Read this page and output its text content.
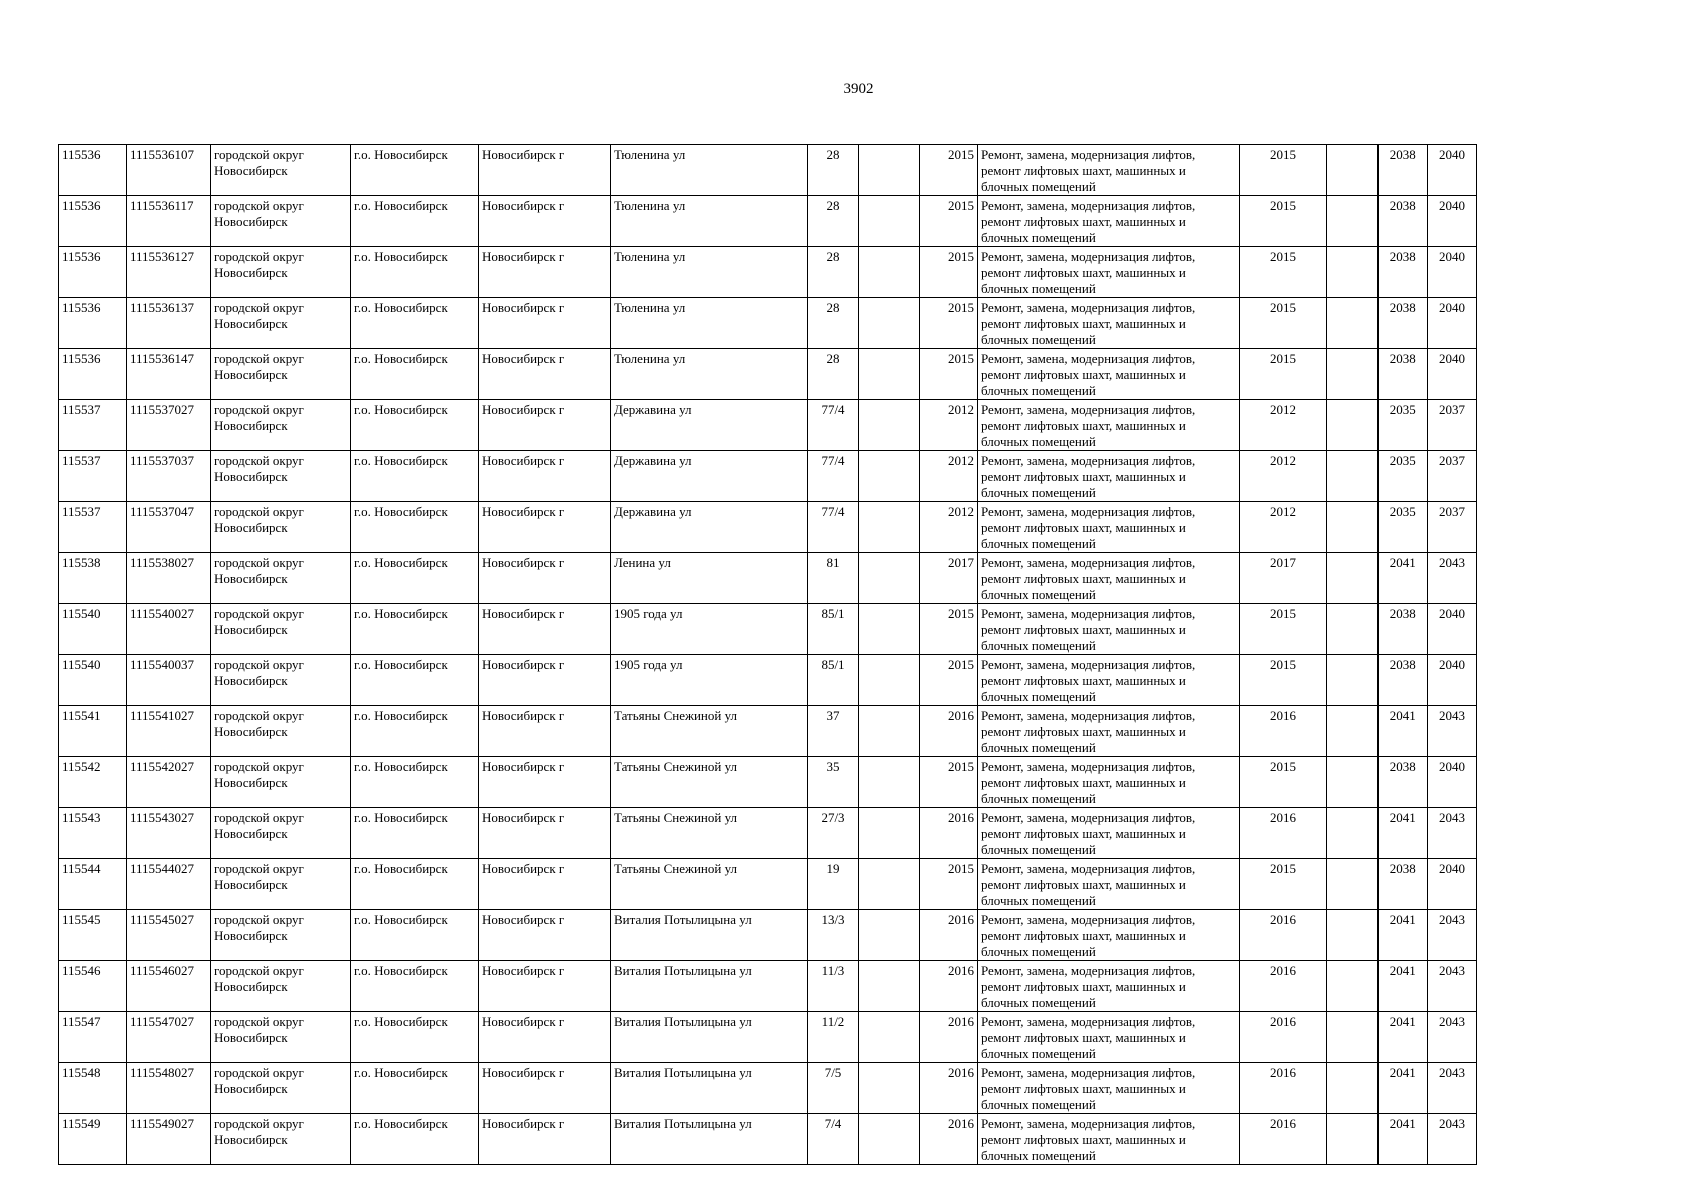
3902
115536	1115536107	городской округ Новосибирск	г.о. Новосибирск	Новосибирск г	Тюленина ул	28		2015	Ремонт, замена, модернизация лифтов, ремонт лифтовых шахт, машинных и блочных помещений	2015		2038	2040
115536	1115536117	городской округ Новосибирск	г.о. Новосибирск	Новосибирск г	Тюленина ул	28		2015	Ремонт, замена, модернизация лифтов, ремонт лифтовых шахт, машинных и блочных помещений	2015		2038	2040
115536	1115536127	городской округ Новосибирск	г.о. Новосибирск	Новосибирск г	Тюленина ул	28		2015	Ремонт, замена, модернизация лифтов, ремонт лифтовых шахт, машинных и блочных помещений	2015		2038	2040
115536	1115536137	городской округ Новосибирск	г.о. Новосибирск	Новосибирск г	Тюленина ул	28		2015	Ремонт, замена, модернизация лифтов, ремонт лифтовых шахт, машинных и блочных помещений	2015		2038	2040
115536	1115536147	городской округ Новосибирск	г.о. Новосибирск	Новосибирск г	Тюленина ул	28		2015	Ремонт, замена, модернизация лифтов, ремонт лифтовых шахт, машинных и блочных помещений	2015		2038	2040
115537	1115537027	городской округ Новосибирск	г.о. Новосибирск	Новосибирск г	Державина ул	77/4		2012	Ремонт, замена, модернизация лифтов, ремонт лифтовых шахт, машинных и блочных помещений	2012		2035	2037
115537	1115537037	городской округ Новосибирск	г.о. Новосибирск	Новосибирск г	Державина ул	77/4		2012	Ремонт, замена, модернизация лифтов, ремонт лифтовых шахт, машинных и блочных помещений	2012		2035	2037
115537	1115537047	городской округ Новосибирск	г.о. Новосибирск	Новосибирск г	Державина ул	77/4		2012	Ремонт, замена, модернизация лифтов, ремонт лифтовых шахт, машинных и блочных помещений	2012		2035	2037
115538	1115538027	городской округ Новосибирск	г.о. Новосибирск	Новосибирск г	Ленина ул	81		2017	Ремонт, замена, модернизация лифтов, ремонт лифтовых шахт, машинных и блочных помещений	2017		2041	2043
115540	1115540027	городской округ Новосибирск	г.о. Новосибирск	Новосибирск г	1905 года ул	85/1		2015	Ремонт, замена, модернизация лифтов, ремонт лифтовых шахт, машинных и блочных помещений	2015		2038	2040
115540	1115540037	городской округ Новосибирск	г.о. Новосибирск	Новосибирск г	1905 года ул	85/1		2015	Ремонт, замена, модернизация лифтов, ремонт лифтовых шахт, машинных и блочных помещений	2015		2038	2040
115541	1115541027	городской округ Новосибирск	г.о. Новосибирск	Новосибирск г	Татьяны Снежиной ул	37		2016	Ремонт, замена, модернизация лифтов, ремонт лифтовых шахт, машинных и блочных помещений	2016		2041	2043
115542	1115542027	городской округ Новосибирск	г.о. Новосибирск	Новосибирск г	Татьяны Снежиной ул	35		2015	Ремонт, замена, модернизация лифтов, ремонт лифтовых шахт, машинных и блочных помещений	2015		2038	2040
115543	1115543027	городской округ Новосибирск	г.о. Новосибирск	Новосибирск г	Татьяны Снежиной ул	27/3		2016	Ремонт, замена, модернизация лифтов, ремонт лифтовых шахт, машинных и блочных помещений	2016		2041	2043
115544	1115544027	городской округ Новосибирск	г.о. Новосибирск	Новосибирск г	Татьяны Снежиной ул	19		2015	Ремонт, замена, модернизация лифтов, ремонт лифтовых шахт, машинных и блочных помещений	2015		2038	2040
115545	1115545027	городской округ Новосибирск	г.о. Новосибирск	Новосибирск г	Виталия Потылицына ул	13/3		2016	Ремонт, замена, модернизация лифтов, ремонт лифтовых шахт, машинных и блочных помещений	2016		2041	2043
115546	1115546027	городской округ Новосибирск	г.о. Новосибирск	Новосибирск г	Виталия Потылицына ул	11/3		2016	Ремонт, замена, модернизация лифтов, ремонт лифтовых шахт, машинных и блочных помещений	2016		2041	2043
115547	1115547027	городской округ Новосибирск	г.о. Новосибирск	Новосибирск г	Виталия Потылицына ул	11/2		2016	Ремонт, замена, модернизация лифтов, ремонт лифтовых шахт, машинных и блочных помещений	2016		2041	2043
115548	1115548027	городской округ Новосибирск	г.о. Новосибирск	Новосибирск г	Виталия Потылицына ул	7/5		2016	Ремонт, замена, модернизация лифтов, ремонт лифтовых шахт, машинных и блочных помещений	2016		2041	2043
115549	1115549027	городской округ Новосибирск	г.о. Новосибирск	Новосибирск г	Виталия Потылицына ул	7/4		2016	Ремонт, замена, модернизация лифтов, ремонт лифтовых шахт, машинных и блочных помещений	2016		2041	2043
